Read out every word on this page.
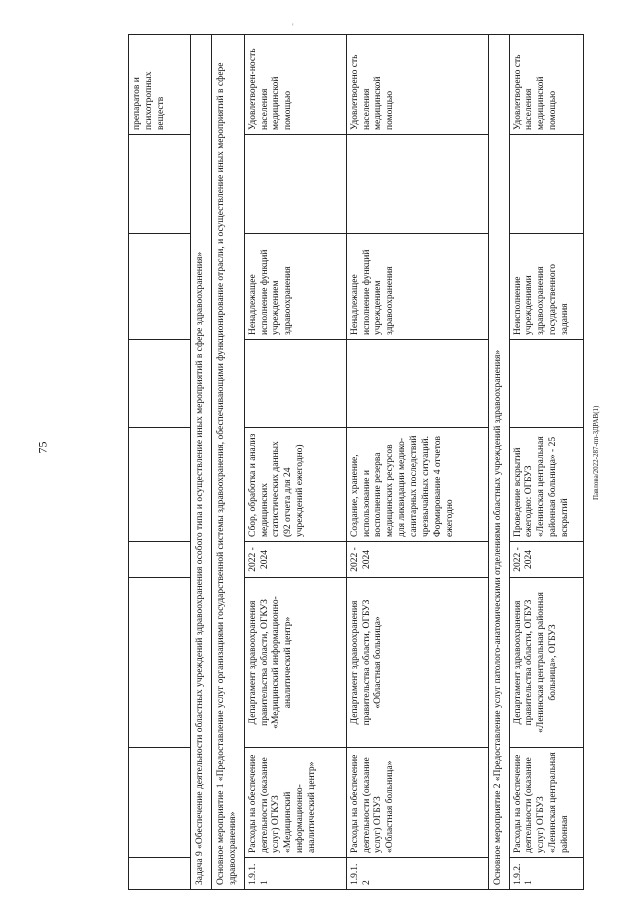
'
75	Павлова/2022-287-пп-ЗДРАВ(1)
								препаратов и психотропных веществ
Задача 9 «Обеспечение деятельности областных учреждений здравоохранения особого типа и осуществление иных мероприятий в сфере здравоохранения»								
Основное мероприятие 1 «Предоставление услуг организациями государственной системы здравоохранения, обеспечивающими функционирование отрасли, и осуществление иных мероприятий в сфере здравоохранения»								
1.9.1.1	Расходы на обеспечение деятельности (оказание услуг) ОГКУЗ «Медицинский информационно-аналитический центр»	Департамент здравоохранения правительства области, ОГКУЗ «Медицинский информационно-аналитический центр»	2022 - 2024	Сбор, обработка и анализ медицинских статистических данных (92 отчета для 24 учреждений ежегодно)		Ненадлежащее исполнение функций учреждением здравоохранения		Удовлетворен-ность населения медицинской помощью
1.9.1.2	Расходы на обеспечение деятельности (оказание услуг) ОГБУЗ «Областная больница»	Департамент здравоохранения правительства области, ОГБУЗ «Областная больница»	2022 - 2024	Создание, хранение, использование и восполнение резерва медицинских ресурсов для ликвидации медико-санитарных последствий чрезвычайных ситуаций. Формирование 4 отчетов ежегодно		Ненадлежащее исполнение функций учреждением здравоохранения		Удовлетворено сть населения медицинской помощью
Основное мероприятие 2 «Предоставление услуг патолого-анатомическими отделениями областных учреждений здравоохранения»								
1.9.2.1	Расходы на обеспечение деятельности (оказание услуг) ОГБУЗ «Ленинская центральная районная	Департамент здравоохранения правительства области, ОГБУЗ «Ленинская центральная районная больница», ОГБУЗ	2022 - 2024	Проведение вскрытий ежегодно: ОГБУЗ «Ленинская центральная районная больница» - 25 вскрытий		Неисполнение учреждениями здравоохранения государственного задания		Удовлетворено сть населения медицинской помощью
